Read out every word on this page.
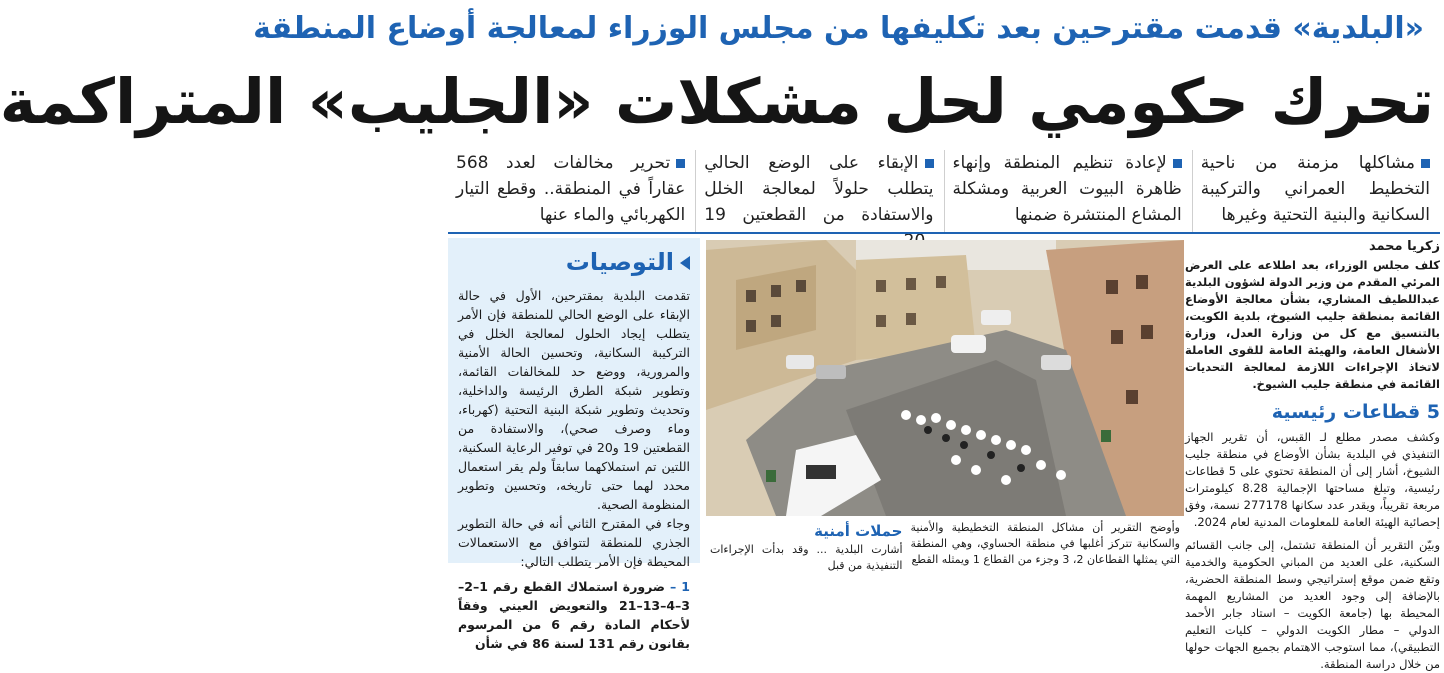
«البلدية» قدمت مقترحين بعد تكليفها من مجلس الوزراء لمعالجة أوضاع المنطقة
تحرك حكومي لحل مشكلات «الجليب» المتراكمة
مشاكلها مزمنة من ناحية التخطيط العمراني والتركيبة السكانية والبنية التحتية وغيرها
لإعادة تنظيم المنطقة وإنهاء ظاهرة البيوت العربية ومشكلة المشاع المنتشرة ضمنها
الإبقاء على الوضع الحالي يتطلب حلولاً لمعالجة الخلل والاستفادة من القطعتين 19
تحرير مخالفات لعدد 568 عقاراً في المنطقة.. وقطع التيار الكهربائي والماء عنها
زكريا محمد
كلف مجلس الوزراء، بعد اطلاعه على العرض المرئي المقدم من وزير الدولة لشؤون البلدية عبداللطيف المشاري، بشأن معالجة الأوضاع القائمة بمنطقة جليب الشيوخ، بلدية الكويت، بالتنسيق مع كل من وزارة العدل، وزارة الأشغال العامة، والهيئة العامة للقوى العاملة لاتخاذ الإجراءات اللازمة لمعالجة التحديات القائمة في منطقة جليب الشيوخ.
5 قطاعات رئيسية

وكشف مصدر مطلع لـ القبس، أن تقرير الجهاز التنفيذي في البلدية بشأن الأوضاع في منطقة جليب الشيوخ، أشار إلى أن المنطقة تحتوي على 5 قطاعات رئيسية، وتبلغ مساحتها الإجمالية 8.28 كيلومترات مربعة تقريباً، ويقدر عدد سكانها 277178 نسمة، وفق إحصائية الهيئة العامة للمعلومات المدنية لعام 2024.

وبيّن التقرير أن المنطقة تشتمل، إلى جانب القسائم السكنية، على العديد من المباني الحكومية والخدمية وتقع ضمن موقع إستراتيجي وسط المنطقة الحضرية، بالإضافة إلى وجود العديد من المشاريع المهمة المحيطة بها (جامعة الكويت – استاد جابر الأحمد الدولي – مطار الكويت الدولي – كليات التعليم التطبيقي)، مما استوجب الاهتمام بجميع الجهات حولها من خلال دراسة المنطقة.

وأوضح التقرير أن مشاكل المنطقة التخطيطية والأمنية والسكانية تتركز أغلبها في منطقة الحساوي، وهي المنطقة التي يمثلها القطاعان 2، 3 وجزء من القطاع 1 ويمثله القطع
حملات أمنية
أشارت البلدية ... وقد بدأت الإجراءات التنفيذية من قبل
التوصيات

تقدمت البلدية بمقترحين، الأول في حالة الإبقاء على الوضع الحالي للمنطقة فإن الأمر يتطلب إيجاد الحلول لمعالجة الخلل في التركيبة السكانية، وتحسين الحالة الأمنية والمرورية، ووضع حد للمخالفات القائمة، وتطوير شبكة الطرق الرئيسة والداخلية، وتحديث وتطوير شبكة البنية التحتية (كهرباء، وماء وصرف صحي)، والاستفادة من القطعتين 19 و20 في توفير الرعاية السكنية، اللتين تم استملاكهما سابقاً ولم يقر استعمال محدد لهما حتى تاريخه، وتحسين وتطوير المنظومة الصحية.

وجاء في المقترح الثاني أنه في حالة التطوير الجذري للمنطقة لتتوافق مع الاستعمالات المحيطة فإن الأمر يتطلب التالي:

1 – ضرورة استملاك القطع رقم 1–2–3–4–13–21 والتعويض العيني وفقاً لأحكام المادة رقم 6 من المرسوم بقانون رقم 131 لسنة 86 في شأن
